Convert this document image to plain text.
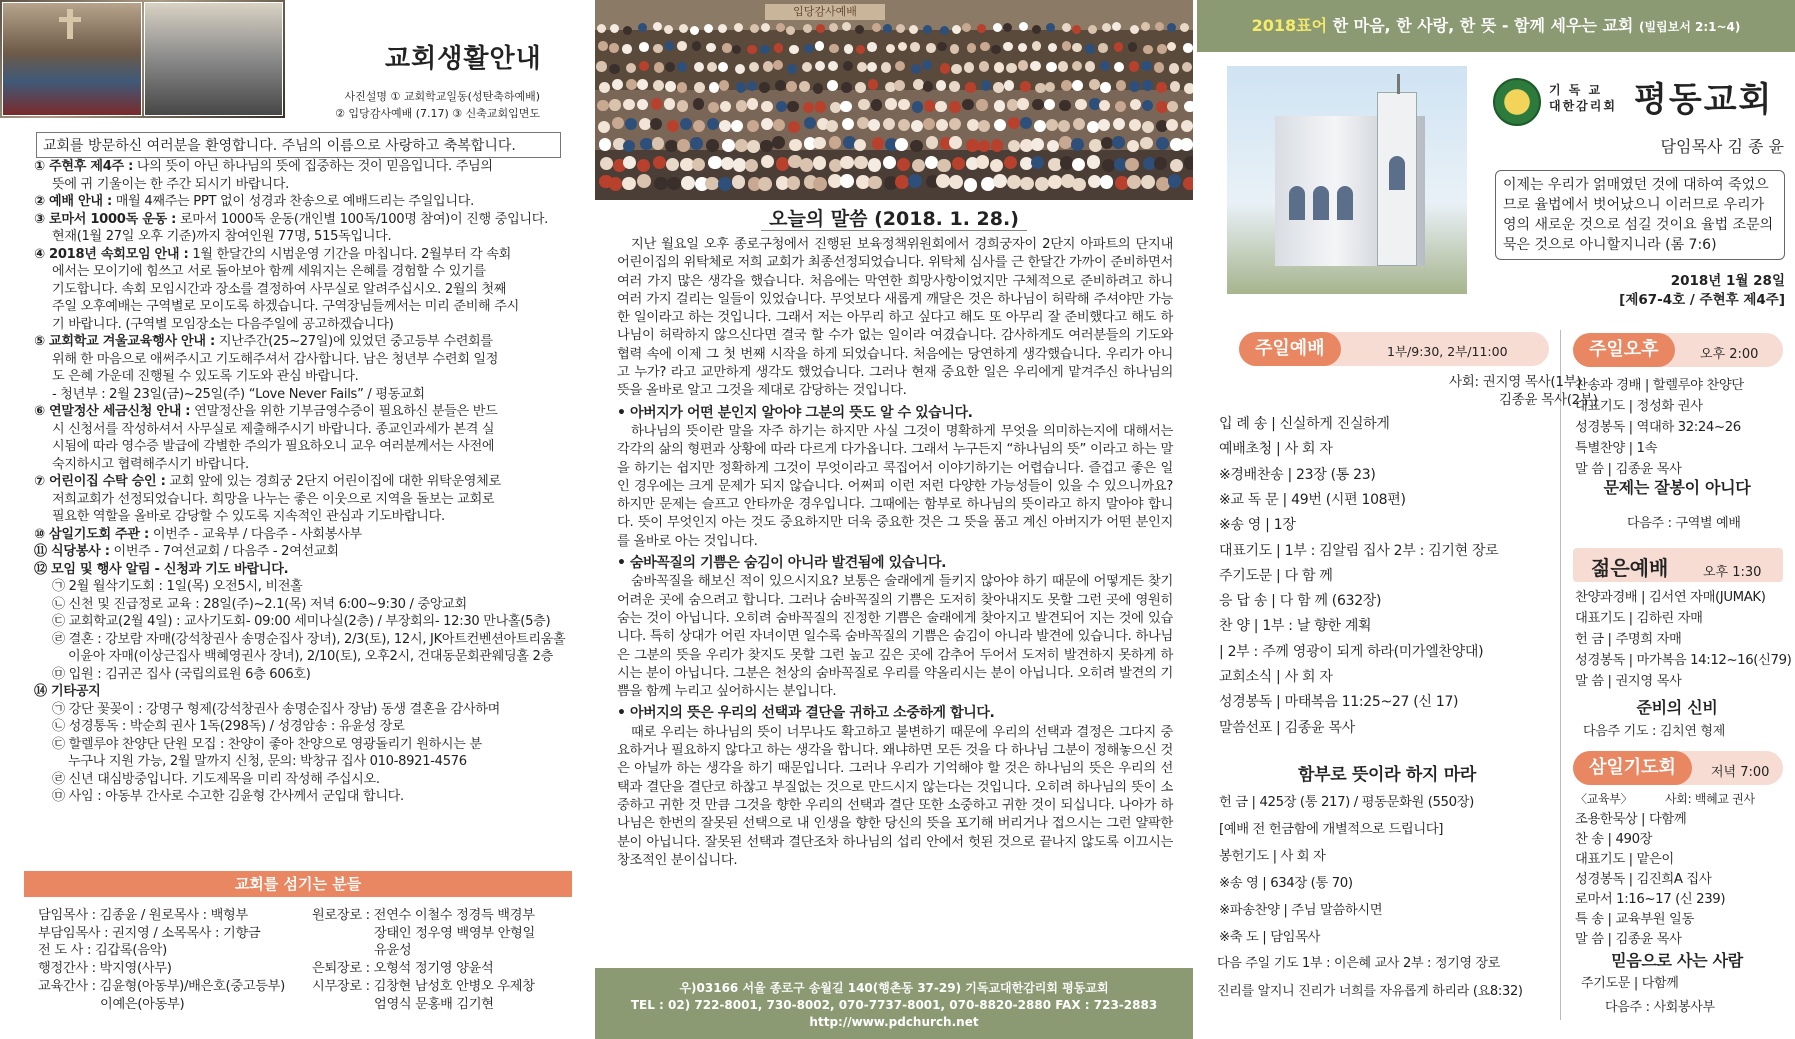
교회생활안내
사진설명 ① 교회학교일동(성탄축하예배)
② 입당감사예배 (7.17) ③ 신축교회입면도
교회를 방문하신 여러분을 환영합니다. 주님의 이름으로 사랑하고 축복합니다.

① 주현후 제4주 : 나의 뜻이 아닌 하나님의 뜻에 집중하는 것이 믿음입니다. 주님의

뜻에 귀 기울이는 한 주간 되시기 바랍니다.

② 예배 안내 : 매월 4째주는 PPT 없이 성경과 찬송으로 예배드리는 주일입니다.

③ 로마서 1000독 운동 : 로마서 1000독 운동(개인별 100독/100명 참여)이 진행 중입니다.

현재(1월 27일 오후 기준)까지 참여인원 77명, 515독입니다.

④ 2018년 속회모임 안내 : 1월 한달간의 시범운영 기간을 마칩니다. 2월부터 각 속회

에서는 모이기에 힘쓰고 서로 돌아보아 함께 세워지는 은혜를 경험할 수 있기를

기도합니다. 속회 모임시간과 장소를 결정하여 사무실로 알려주십시오. 2월의 첫째

주일 오후예배는 구역별로 모이도록 하겠습니다. 구역장님들께서는 미리 준비해 주시

기 바랍니다. (구역별 모임장소는 다음주일에 공고하겠습니다)

⑤ 교회학교 겨울교육행사 안내 : 지난주간(25~27일)에 있었던 중고등부 수련회를

위해 한 마음으로 애써주시고 기도해주셔서 감사합니다. 남은 청년부 수련회 일정

도 은혜 가운데 진행될 수 있도록 기도와 관심 바랍니다.

- 청년부 : 2월 23일(금)~25일(주) “Love Never Fails” / 평동교회

⑥ 연말정산 세금신청 안내 : 연말정산을 위한 기부금영수증이 필요하신 분들은 반드

시 신청서를 작성하셔서 사무실로 제출해주시기 바랍니다. 종교인과세가 본격 실

시됨에 따라 영수증 발급에 각별한 주의가 필요하오니 교우 여러분께서는 사전에

숙지하시고 협력해주시기 바랍니다.

⑦ 어린이집 수탁 승인 : 교회 앞에 있는 경희궁 2단지 어린이집에 대한 위탁운영체로

저희교회가 선정되었습니다. 희망을 나누는 좋은 이웃으로 지역을 돌보는 교회로

필요한 역할을 올바로 감당할 수 있도록 지속적인 관심과 기도바랍니다.

⑩ 삼일기도회 주관 : 이번주 - 교육부 / 다음주 - 사회봉사부

⑪ 식당봉사 : 이번주 - 7여선교회 / 다음주 - 2여선교회

⑫ 모임 및 행사 알림 - 신청과 기도 바랍니다.

㉠ 2월 월삭기도회 : 1일(목) 오전5시, 비전홀

㉡ 신천 및 진급정로 교육 : 28일(주)~2.1(목) 저녁 6:00~9:30 / 중앙교회

㉢ 교회학교(2월 4일) : 교사기도회- 09:00 세미나실(2층) / 부장회의- 12:30 만나홀(5층)

㉣ 결혼 : 강보람 자매(강석창권사 송명순집사 장녀), 2/3(토), 12시, JK아트컨벤션아트리움홀

이윤아 자매(이상근집사 백혜영권사 장녀), 2/10(토), 오후2시, 건대동문회관웨딩홀 2층

㉤ 입원 : 김귀곤 집사 (국립의료원 6층 606호)

⑭ 기타공지

㉠ 강단 꽃꽂이 : 강명구 형제(강석창권사 송명순집사 장남) 동생 결혼을 감사하며

㉡ 성경통독 : 박순희 권사 1독(298독) / 성경암송 : 유윤성 장로

㉢ 할렐루야 찬양단 단원 모집 : 찬양이 좋아 찬양으로 영광돌리기 원하시는 분

누구나 지원 가능, 2월 말까지 신청, 문의: 박창규 집사 010-8921-4576

㉣ 신년 대심방중입니다. 기도제목을 미리 작성해 주십시오.

㉤ 사임 : 아동부 간사로 수고한 김윤형 간사께서 군입대 합니다.

교회를 섬기는 분들
담임목사 : 김종윤 / 원로목사 : 백형부
부담임목사 : 권지영 / 소목목사 : 기향금
전 도 사 : 김갑록(음악)
행정간사 : 박지영(사무)
교육간사 : 김윤형(아동부)/배은호(중고등부)
이예은(아동부)
원로장로 : 전연수 이철수 정경득 백경부
장태인 정우영 백영부 안형일
유윤성
은퇴장로 : 오형석 정기영 양윤석
시무장로 : 김창현 남성호 안병오 우제창
엄영식 문홍배 김기현
입당감사예배
오늘의 말씀 (2018. 1. 28.)

지난 월요일 오후 종로구청에서 진행된 보육정책위원회에서 경희궁자이 2단지 아파트의 단지내 어린이집의 위탁체로 저희 교회가 최종선정되었습니다. 위탁체 심사를 근 한달간 가까이 준비하면서 여러 가지 많은 생각을 했습니다. 처음에는 막연한 희망사항이었지만 구체적으로 준비하려고 하니 여러 가지 걸리는 일들이 있었습니다. 무엇보다 새롭게 깨달은 것은 하나님이 허락해 주셔야만 가능한 일이라고 하는 것입니다. 그래서 저는 아무리 하고 싶다고 해도 또 아무리 잘 준비했다고 해도 하나님이 허락하지 않으신다면 결국 할 수가 없는 일이라 여겼습니다. 감사하게도 여러분들의 기도와 협력 속에 이제 그 첫 번째 시작을 하게 되었습니다. 처음에는 당연하게 생각했습니다. 우리가 아니고 누가? 라고 교만하게 생각도 했었습니다. 그러나 현재 중요한 일은 우리에게 맡겨주신 하나님의 뜻을 올바로 알고 그것을 제대로 감당하는 것입니다.

• 아버지가 어떤 분인지 알아야 그분의 뜻도 알 수 있습니다.

하나님의 뜻이란 말을 자주 하기는 하지만 사실 그것이 명확하게 무엇을 의미하는지에 대해서는 각각의 삶의 형편과 상황에 따라 다르게 다가옵니다. 그래서 누구든지 “하나님의 뜻” 이라고 하는 말을 하기는 쉽지만 정확하게 그것이 무엇이라고 콕집어서 이야기하기는 어렵습니다. 즐겁고 좋은 일인 경우에는 크게 문제가 되지 않습니다. 어쩌피 이런 저런 다양한 가능성들이 있을 수 있으니까요? 하지만 문제는 슬프고 안타까운 경우입니다. 그때에는 함부로 하나님의 뜻이라고 하지 말아야 합니다. 뜻이 무엇인지 아는 것도 중요하지만 더욱 중요한 것은 그 뜻을 품고 계신 아버지가 어떤 분인지를 올바로 아는 것입니다.

• 숨바꼭질의 기쁨은 숨김이 아니라 발견됨에 있습니다.

숨바꼭질을 해보신 적이 있으시지요? 보통은 술래에게 들키지 않아야 하기 때문에 어떻게든 찾기 어려운 곳에 숨으려고 합니다. 그러나 숨바꼭질의 기쁨은 도저히 찾아내지도 못할 그런 곳에 영원히 숨는 것이 아닙니다. 오히려 숨바꼭질의 진정한 기쁨은 술래에게 찾아지고 발견되어 지는 것에 있습니다. 특히 상대가 어린 자녀이면 일수록 숨바꼭질의 기쁨은 숨김이 아니라 발견에 있습니다. 하나님은 그분의 뜻을 우리가 찾지도 못할 그런 높고 깊은 곳에 감추어 두어서 도저히 발견하지 못하게 하시는 분이 아닙니다. 그분은 천상의 숨바꼭질로 우리를 약올리시는 분이 아닙니다. 오히려 발견의 기쁨을 함께 누리고 싶어하시는 분입니다.

• 아버지의 뜻은 우리의 선택과 결단을 귀하고 소중하게 합니다.

때로 우리는 하나님의 뜻이 너무나도 확고하고 불변하기 때문에 우리의 선택과 결정은 그다지 중요하거나 필요하지 않다고 하는 생각을 합니다. 왜냐하면 모든 것을 다 하나님 그분이 정해놓으신 것은 아닐까 하는 생각을 하기 때문입니다. 그러나 우리가 기억해야 할 것은 하나님의 뜻은 우리의 선택과 결단을 결단코 하찮고 부질없는 것으로 만드시지 않는다는 것입니다. 오히려 하나님의 뜻이 소중하고 귀한 것 만큼 그것을 향한 우리의 선택과 결단 또한 소중하고 귀한 것이 되십니다. 나아가 하나님은 한번의 잘못된 선택으로 내 인생을 향한 당신의 뜻을 포기해 버리거나 접으시는 그런 얄팍한 분이 아닙니다. 잘못된 선택과 결단조차 하나님의 섭리 안에서 헛된 것으로 끝나지 않도록 이끄시는 창조적인 분이십니다.

우)03166 서울 종로구 송월길 140(행촌동 37-29) 기독교대한감리회 평동교회
TEL : 02) 722-8001, 730-8002, 070-7737-8001, 070-8820-2880 FAX : 723-2883
http://www.pdchurch.net
2018표어 한 마음, 한 사랑, 한 뜻 - 함께 세우는 교회 (빌립보서 2:1~4)
기 독 교
대한감리회 평동교회
담임목사 김 종 윤
이제는 우리가 얽매였던 것에 대하여 죽었으므로 율법에서 벗어났으니 이러므로 우리가 영의 새로운 것으로 섬길 것이요 율법 조문의 묵은 것으로 아니할지니라 (롬 7:6)
2018년 1월 28일
[제67-4호 / 주현후 제4주]
주일예배	1부/9:30, 2부/11:00
사회: 권지영 목사(1부)
김종윤 목사(2부)
입 례 송 | 신실하게 진실하게
예배초청 | 사 회 자
※경배찬송 | 23장 (통 23)
※교 독 문 | 49번 (시편 108편)
※송 영 | 1장
대표기도 | 1부 : 김알림 집사 2부 : 김기현 장로
주기도문 | 다 함 께
응 답 송 | 다 함 께 (632장)
찬 양 | 1부 : 날 향한 계획
| 2부 : 주께 영광이 되게 하라(미가엘찬양대)
교회소식 | 사 회 자
성경봉독 | 마태복음 11:25~27 (신 17)
말씀선포 | 김종윤 목사
함부로 뜻이라 하지 마라
헌 금 | 425장 (통 217) / 평동문화원 (550장)
[예배 전 헌금함에 개별적으로 드립니다]
봉헌기도 | 사 회 자
※송 영 | 634장 (통 70)
※파송찬양 | 주님 말씀하시면
※축 도 | 담임목사
다음 주일 기도 1부 : 이은혜 교사 2부 : 정기영 장로
진리를 알지니 진리가 너희를 자유롭게 하리라 (요8:32)
주일오후	오후 2:00
찬송과 경배 | 할렐루야 찬양단
대표기도 | 정성화 권사
성경봉독 | 역대하 32:24~26
특별찬양 | 1속
말 씀 | 김종윤 목사
문제는 잘봉이 아니다
다음주 : 구역별 예배
젊은예배	오후 1:30
찬양과경배 | 김서연 자매(JUMAK)
대표기도 | 김하린 자매
헌 금 | 주명희 자매
성경봉독 | 마가복음 14:12~16(신79)
말 씀 | 권지영 목사
준비의 신비
다음주 기도 : 김치연 형제
삼일기도회	저녁 7:00
〈교육부〉	사회: 백혜교 권사
조용한묵상 | 다함께
찬 송 | 490장
대표기도 | 맡은이
성경봉독 | 김진희A 집사
로마서 1:16~17 (신 239)
특 송 | 교육부원 일동
말 씀 | 김종윤 목사
믿음으로 사는 사람
주기도문 | 다함께
다음주 : 사회봉사부
